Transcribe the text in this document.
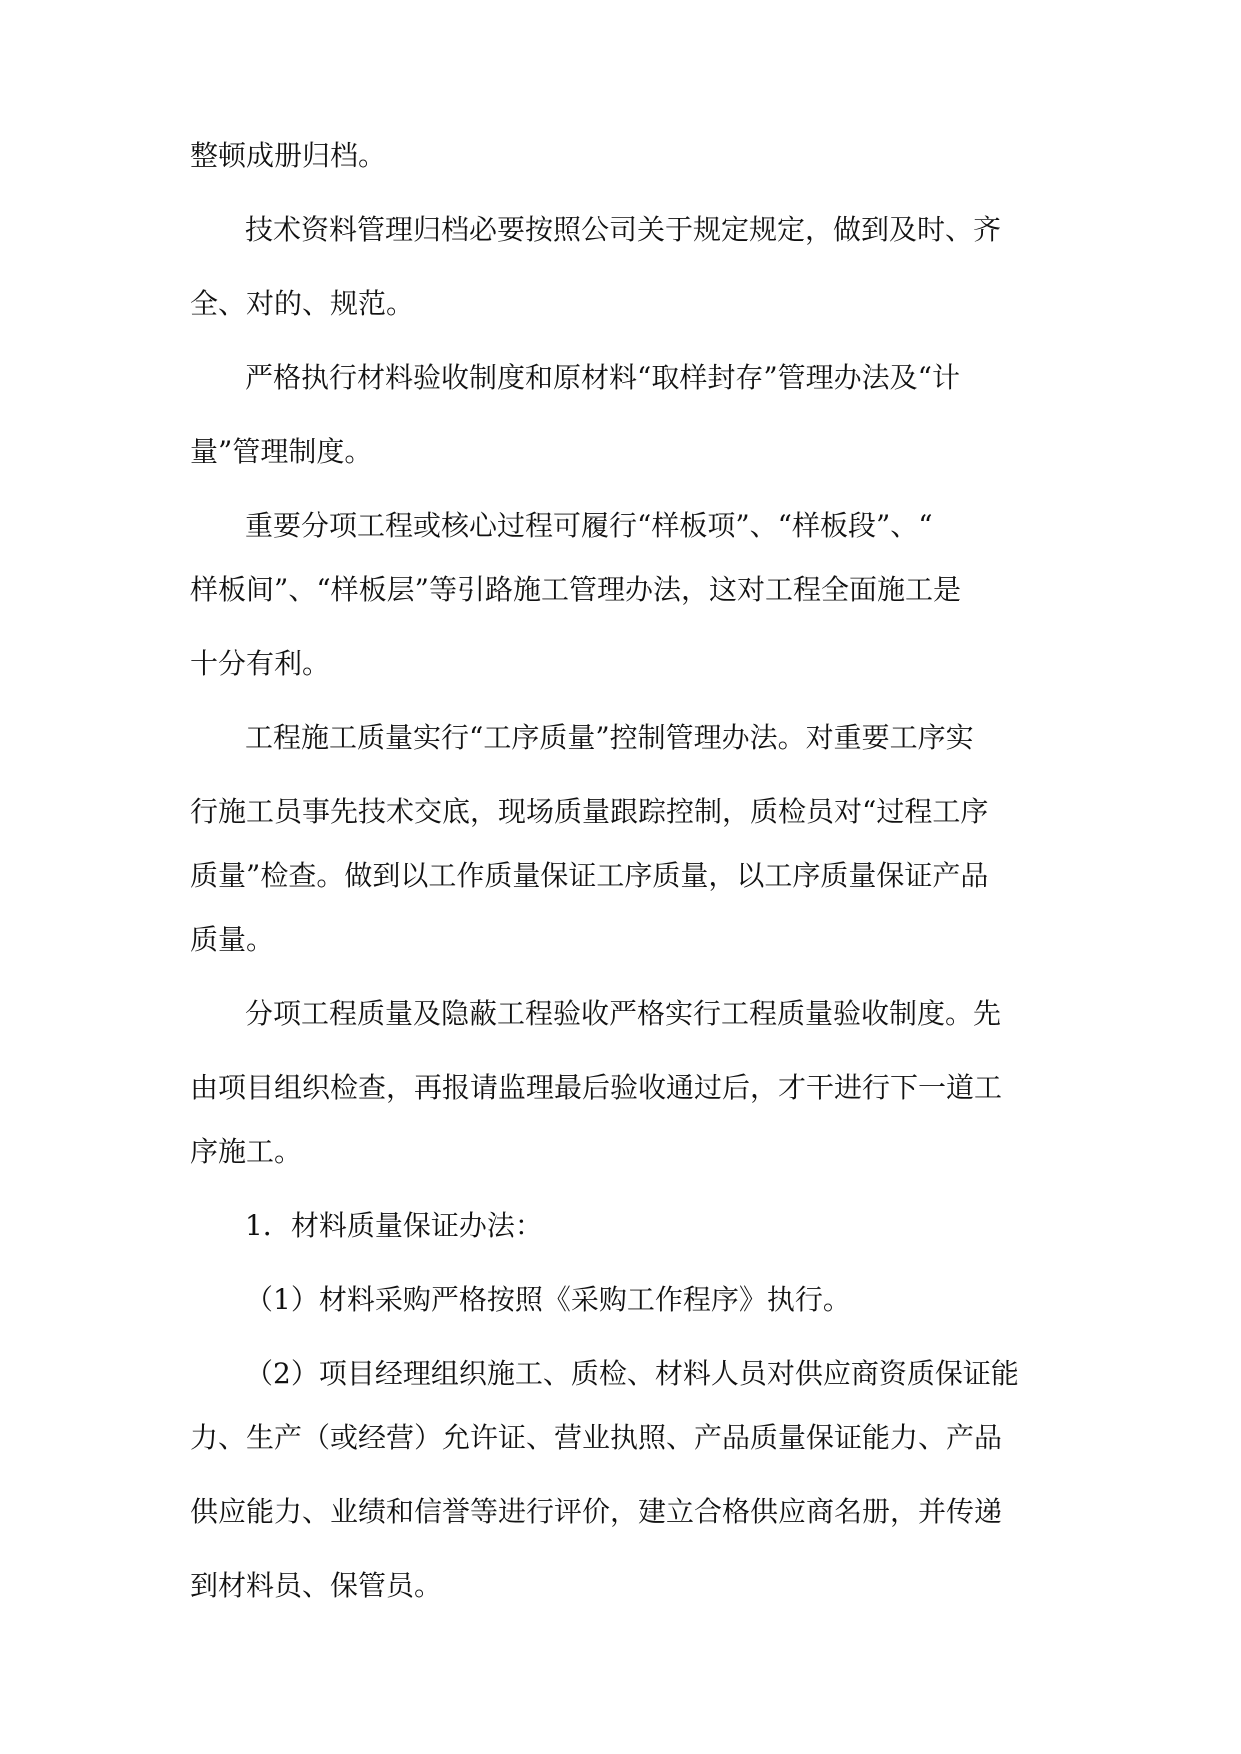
整顿成册归档。
技术资料管理归档必要按照公司关于规定规定，做到及时、齐
全、对的、规范。
严格执行材料验收制度和原材料“取样封存”管理办法及“计
量”管理制度。
重要分项工程或核心过程可履行“样板项”、“样板段”、“
样板间”、“样板层”等引路施工管理办法，这对工程全面施工是
十分有利。
工程施工质量实行“工序质量”控制管理办法。对重要工序实
行施工员事先技术交底，现场质量跟踪控制，质检员对“过程工序
质量”检查。做到以工作质量保证工序质量，以工序质量保证产品
质量。
分项工程质量及隐蔽工程验收严格实行工程质量验收制度。先
由项目组织检查，再报请监理最后验收通过后，才干进行下一道工
序施工。
1．材料质量保证办法：
（1）材料采购严格按照《采购工作程序》执行。
（2）项目经理组织施工、质检、材料人员对供应商资质保证能
力、生产（或经营）允许证、营业执照、产品质量保证能力、产品
供应能力、业绩和信誉等进行评价，建立合格供应商名册，并传递
到材料员、保管员。
